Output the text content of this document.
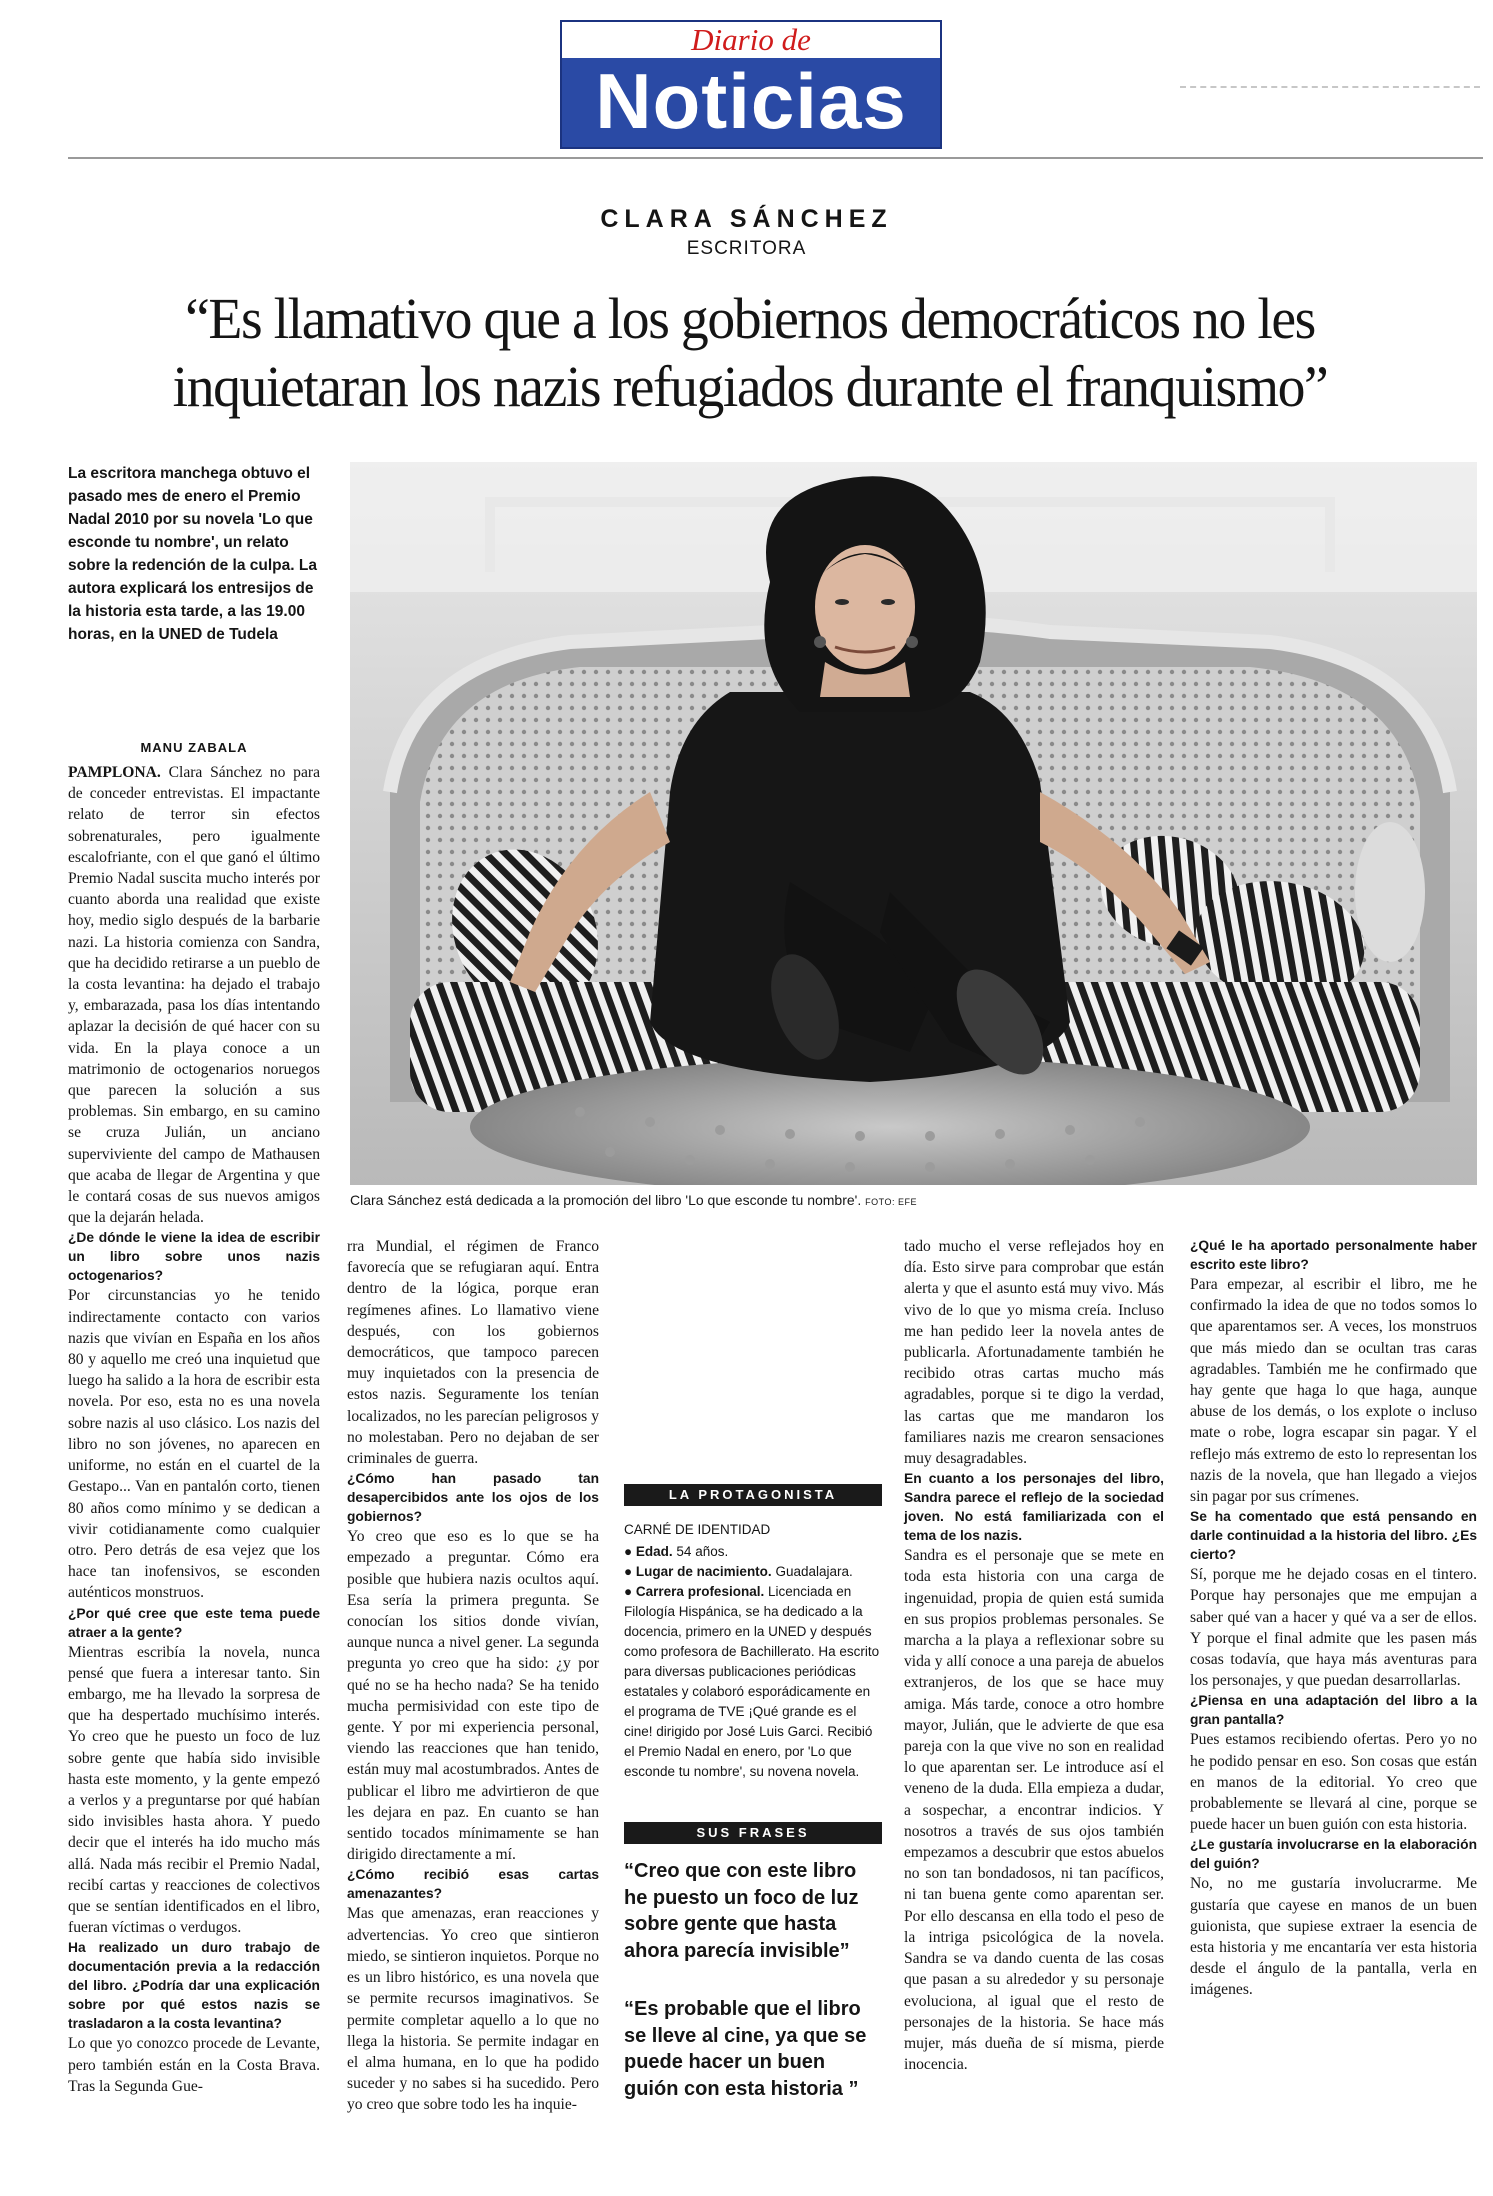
Diario de
Noticias
CLARA SÁNCHEZ
ESCRITORA
“Es llamativo que a los gobiernos democráticos no les
inquietaran los nazis refugiados durante el franquismo”
La escritora manchega obtuvo el pasado mes de enero el Premio Nadal 2010 por su novela 'Lo que esconde tu nombre', un relato sobre la redención de la culpa. La autora explicará los entresijos de la historia esta tarde, a las 19.00 horas, en la UNED de Tudela
MANU ZABALA
Clara Sánchez está dedicada a la promoción del libro 'Lo que esconde tu nombre'. FOTO: EFE

PAMPLONA. Clara Sánchez no para de conceder entrevistas. El impactante relato de terror sin efectos sobrenaturales, pero igualmente escalofriante, con el que ganó el último Premio Nadal suscita mucho interés por cuanto aborda una realidad que existe hoy, medio siglo después de la barbarie nazi. La historia comienza con Sandra, que ha decidido retirarse a un pueblo de la costa levantina: ha dejado el trabajo y, embarazada, pasa los días intentando aplazar la decisión de qué hacer con su vida. En la playa conoce a un matrimonio de octogenarios noruegos que parecen la solución a sus problemas. Sin embargo, en su camino se cruza Julián, un anciano superviviente del campo de Mathausen que acaba de llegar de Argentina y que le contará cosas de sus nuevos amigos que la dejarán helada.

¿De dónde le viene la idea de escribir un libro sobre unos nazis octogenarios?

Por circunstancias yo he tenido indirectamente contacto con varios nazis que vivían en España en los años 80 y aquello me creó una inquietud que luego ha salido a la hora de escribir esta novela. Por eso, esta no es una novela sobre nazis al uso clásico. Los nazis del libro no son jóvenes, no aparecen en uniforme, no están en el cuartel de la Gestapo... Van en pantalón corto, tienen 80 años como mínimo y se dedican a vivir cotidianamente como cualquier otro. Pero detrás de esa vejez que los hace tan inofensivos, se esconden auténticos monstruos.

¿Por qué cree que este tema puede atraer a la gente?

Mientras escribía la novela, nunca pensé que fuera a interesar tanto. Sin embargo, me ha llevado la sorpresa de que ha despertado muchísimo interés. Yo creo que he puesto un foco de luz sobre gente que había sido invisible hasta este momento, y la gente empezó a verlos y a preguntarse por qué habían sido invisibles hasta ahora. Y puedo decir que el interés ha ido mucho más allá. Nada más recibir el Premio Nadal, recibí cartas y reacciones de colectivos que se sentían identificados en el libro, fueran víctimas o verdugos.

Ha realizado un duro trabajo de documentación previa a la redacción del libro. ¿Podría dar una explicación sobre por qué estos nazis se trasladaron a la costa levantina?

Lo que yo conozco procede de Levante, pero también están en la Costa Brava. Tras la Segunda Gue-

rra Mundial, el régimen de Franco favorecía que se refugiaran aquí. Entra dentro de la lógica, porque eran regímenes afines. Lo llamativo viene después, con los gobiernos democráticos, que tampoco parecen muy inquietados con la presencia de estos nazis. Seguramente los tenían localizados, no les parecían peligrosos y no molestaban. Pero no dejaban de ser criminales de guerra.

¿Cómo han pasado tan desapercibidos ante los ojos de los gobiernos?

Yo creo que eso es lo que se ha empezado a preguntar. Cómo era posible que hubiera nazis ocultos aquí. Esa sería la primera pregunta. Se conocían los sitios donde vivían, aunque nunca a nivel gener. La segunda pregunta yo creo que ha sido: ¿y por qué no se ha hecho nada? Se ha tenido mucha permisividad con este tipo de gente. Y por mi experiencia personal, viendo las reacciones que han tenido, están muy mal acostumbrados. Antes de publicar el libro me advirtieron de que les dejara en paz. En cuanto se han sentido tocados mínimamente se han dirigido directamente a mí.

¿Cómo recibió esas cartas amenazantes?

Mas que amenazas, eran reacciones y advertencias. Yo creo que sintieron miedo, se sintieron inquietos. Porque no es un libro histórico, es una novela que se permite recursos imaginativos. Se permite completar aquello a lo que no llega la historia. Se permite indagar en el alma humana, en lo que ha podido suceder y no sabes si ha sucedido. Pero yo creo que sobre todo les ha inquie-

tado mucho el verse reflejados hoy en día. Esto sirve para comprobar que están alerta y que el asunto está muy vivo. Más vivo de lo que yo misma creía. Incluso me han pedido leer la novela antes de publicarla. Afortunadamente también he recibido otras cartas mucho más agradables, porque si te digo la verdad, las cartas que me mandaron los familiares nazis me crearon sensaciones muy desagradables.

En cuanto a los personajes del libro, Sandra parece el reflejo de la sociedad joven. No está familiarizada con el tema de los nazis.

Sandra es el personaje que se mete en toda esta historia con una carga de ingenuidad, propia de quien está sumida en sus propios problemas personales. Se marcha a la playa a reflexionar sobre su vida y allí conoce a una pareja de abuelos extranjeros, de los que se hace muy amiga. Más tarde, conoce a otro hombre mayor, Julián, que le advierte de que esa pareja con la que vive no son en realidad lo que aparentan ser. Le introduce así el veneno de la duda. Ella empieza a dudar, a sospechar, a encontrar indicios. Y nosotros a través de sus ojos también empezamos a descubrir que estos abuelos no son tan bondadosos, ni tan pacíficos, ni tan buena gente como aparentan ser. Por ello descansa en ella todo el peso de la intriga psicológica de la novela. Sandra se va dando cuenta de las cosas que pasan a su alrededor y su personaje evoluciona, al igual que el resto de personajes de la historia. Se hace más mujer, más dueña de sí misma, pierde inocencia.

¿Qué le ha aportado personalmente haber escrito este libro?

Para empezar, al escribir el libro, me he confirmado la idea de que no todos somos lo que aparentamos ser. A veces, los monstruos que más miedo dan se ocultan tras caras agradables. También me he confirmado que hay gente que haga lo que haga, aunque abuse de los demás, o los explote o incluso mate o robe, logra escapar sin pagar. Y el reflejo más extremo de esto lo representan los nazis de la novela, que han llegado a viejos sin pagar por sus crímenes.

Se ha comentado que está pensando en darle continuidad a la historia del libro. ¿Es cierto?

Sí, porque me he dejado cosas en el tintero. Porque hay personajes que me empujan a saber qué van a hacer y qué va a ser de ellos. Y porque el final admite que les pasen más cosas todavía, que haya más aventuras para los personajes, y que puedan desarrollarlas.

¿Piensa en una adaptación del libro a la gran pantalla?

Pues estamos recibiendo ofertas. Pero yo no he podido pensar en eso. Son cosas que están en manos de la editorial. Yo creo que probablemente se llevará al cine, porque se puede hacer un buen guión con esta historia.

¿Le gustaría involucrarse en la elaboración del guión?

No, no me gustaría involucrarme. Me gustaría que cayese en manos de un buen guionista, que supiese extraer la esencia de esta historia y me encantaría ver esta historia desde el ángulo de la pantalla, verla en imágenes.

LA PROTAGONISTA

CARNÉ DE IDENTIDAD

● Edad. 54 años.

● Lugar de nacimiento. Guadalajara.

● Carrera profesional. Licenciada en Filología Hispánica, se ha dedicado a la docencia, primero en la UNED y después como profesora de Bachillerato. Ha escrito para diversas publicaciones periódicas estatales y colaboró esporádicamente en el programa de TVE ¡Qué grande es el cine! dirigido por José Luis Garci. Recibió el Premio Nadal en enero, por 'Lo que esconde tu nombre', su novena novela.

SUS FRASES
“Creo que con este libro he puesto un foco de luz sobre gente que hasta ahora parecía invisible”
“Es probable que el libro se lleve al cine, ya que se puede hacer un buen guión con esta historia ”
